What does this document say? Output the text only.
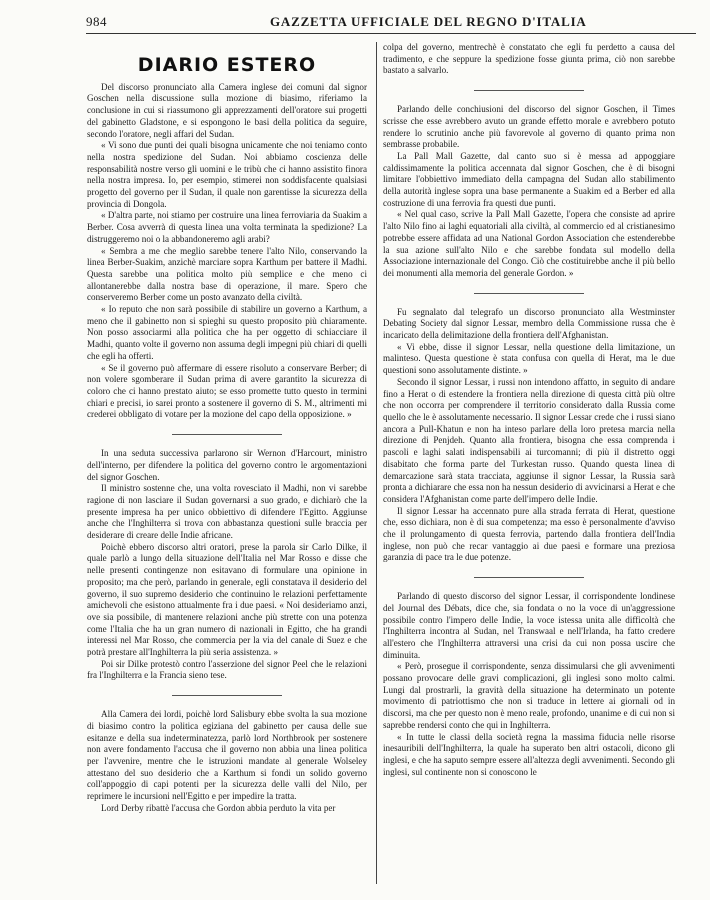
984	GAZZETTA UFFICIALE DEL REGNO D'ITALIA
DIARIO ESTERO

Del discorso pronunciato alla Camera inglese dei comuni dal signor Goschen nella discussione sulla mozione di biasimo, riferiamo la conclusione in cui si riassumono gli apprezzamenti dell'oratore sui progetti del gabinetto Gladstone, e si espongono le basi della politica da seguire, secondo l'oratore, negli affari del Sudan.

« Vi sono due punti dei quali bisogna unicamente che noi teniamo conto nella nostra spedizione del Sudan. Noi abbiamo coscienza delle responsabilità nostre verso gli uomini e le tribù che ci hanno assistito finora nella nostra impresa. Io, per esempio, stimerei non soddisfacente qualsiasi progetto del governo per il Sudan, il quale non garentisse la sicurezza della provincia di Dongola.

« D'altra parte, noi stiamo per costruire una linea ferroviaria da Suakim a Berber. Cosa avverrà di questa linea una volta terminata la spedizione? La distruggeremo noi o la abbandoneremo agli arabi?

« Sembra a me che meglio sarebbe tenere l'alto Nilo, conservando la linea Berber-Suakim, anzichè marciare sopra Karthum per battere il Madhi. Questa sarebbe una politica molto più semplice e che meno ci allontanerebbe dalla nostra base di operazione, il mare. Spero che conserveremo Berber come un posto avanzato della civiltà.

« Io reputo che non sarà possibile di stabilire un governo a Karthum, a meno che il gabinetto non si spieghi su questo proposito più chiaramente. Non posso associarmi alla politica che ha per oggetto di schiacciare il Madhi, quanto volte il governo non assuma degli impegni più chiari di quelli che egli ha offerti.

« Se il governo può affermare di essere risoluto a conservare Berber; di non volere sgomberare il Sudan prima di avere garantito la sicurezza di coloro che ci hanno prestato aiuto; se esso promette tutto questo in termini chiari e precisi, io sarei pronto a sostenere il governo di S. M., altrimenti mi crederei obbligato di votare per la mozione del capo della opposizione. »

In una seduta successiva parlarono sir Wernon d'Harcourt, ministro dell'interno, per difendere la politica del governo contro le argomentazioni del signor Goschen.

Il ministro sostenne che, una volta rovesciato il Madhi, non vi sarebbe ragione di non lasciare il Sudan governarsi a suo grado, e dichiarò che la presente impresa ha per unico obbiettivo di difendere l'Egitto. Aggiunse anche che l'Inghilterra si trova con abbastanza questioni sulle braccia per desiderare di creare delle Indie africane.

Poichè ebbero discorso altri oratori, prese la parola sir Carlo Dilke, il quale parlò a lungo della situazione dell'Italia nel Mar Rosso e disse che nelle presenti contingenze non esitavano di formulare una opinione in proposito; ma che però, parlando in generale, egli constatava il desiderio del governo, il suo supremo desiderio che continuino le relazioni perfettamente amichevoli che esistono attualmente fra i due paesi. « Noi desideriamo anzi, ove sia possibile, di mantenere relazioni anche più strette con una potenza come l'Italia che ha un gran numero di nazionali in Egitto, che ha grandi interessi nel Mar Rosso, che commercia per la via del canale di Suez e che potrà prestare all'Inghilterra la più seria assistenza. »

Poi sir Dilke protestò contro l'asserzione del signor Peel che le relazioni fra l'Inghilterra e la Francia sieno tese.

Alla Camera dei lordi, poichè lord Salisbury ebbe svolta la sua mozione di biasimo contro la politica egiziana del gabinetto per causa delle sue esitanze e della sua indeterminatezza, parlò lord Northbrook per sostenere non avere fondamento l'accusa che il governo non abbia una linea politica per l'avvenire, mentre che le istruzioni mandate al generale Wolseley attestano del suo desiderio che a Karthum si fondi un solido governo coll'appoggio di capi potenti per la sicurezza delle valli del Nilo, per reprimere le incursioni nell'Egitto e per impedire la tratta.

Lord Derby ribattè l'accusa che Gordon abbia perduto la vita per

colpa del governo, mentrechè è constatato che egli fu perdetto a causa del tradimento, e che seppure la spedizione fosse giunta prima, ciò non sarebbe bastato a salvarlo.

Parlando delle conchiusioni del discorso del signor Goschen, il Times scrisse che esse avrebbero avuto un grande effetto morale e avrebbero potuto rendere lo scrutinio anche più favorevole al governo di quanto prima non sembrasse probabile.

La Pall Mall Gazette, dal canto suo si è messa ad appoggiare caldissimamente la politica accennata dal signor Goschen, che è di bisogni limitare l'obbiettivo immediato della campagna del Sudan allo stabilimento della autorità inglese sopra una base permanente a Suakim ed a Berber ed alla costruzione di una ferrovia fra questi due punti.

« Nel qual caso, scrive la Pall Mall Gazette, l'opera che consiste ad aprire l'alto Nilo fino ai laghi equatoriali alla civiltà, al commercio ed al cristianesimo potrebbe essere affidata ad una National Gordon Association che estenderebbe la sua azione sull'alto Nilo e che sarebbe fondata sul modello della Associazione internazionale del Congo. Ciò che costituirebbe anche il più bello dei monumenti alla memoria del generale Gordon. »

Fu segnalato dal telegrafo un discorso pronunciato alla Westminster Debating Society dal signor Lessar, membro della Commissione russa che è incaricato della delimitazione della frontiera dell'Afghanistan.

« Vi ebbe, disse il signor Lessar, nella questione della limitazione, un malinteso. Questa questione è stata confusa con quella di Herat, ma le due questioni sono assolutamente distinte. »

Secondo il signor Lessar, i russi non intendono affatto, in seguito di andare fino a Herat o di estendere la frontiera nella direzione di questa città più oltre che non occorra per comprendere il territorio considerato dalla Russia come quello che le è assolutamente necessario. Il signor Lessar crede che i russi siano ancora a Pull-Khatun e non ha inteso parlare della loro pretesa marcia nella direzione di Penjdeh. Quanto alla frontiera, bisogna che essa comprenda i pascoli e laghi salati indispensabili ai turcomanni; di più il distretto oggi disabitato che forma parte del Turkestan russo. Quando questa linea di demarcazione sarà stata tracciata, aggiunse il signor Lessar, la Russia sarà pronta a dichiarare che essa non ha nessun desiderio di avvicinarsi a Herat e che considera l'Afghanistan come parte dell'impero delle Indie.

Il signor Lessar ha accennato pure alla strada ferrata di Herat, questione che, esso dichiara, non è di sua competenza; ma esso è personalmente d'avviso che il prolungamento di questa ferrovia, partendo dalla frontiera dell'India inglese, non può che recar vantaggio ai due paesi e formare una preziosa garanzia di pace tra le due potenze.

Parlando di questo discorso del signor Lessar, il corrispondente londinese del Journal des Débats, dice che, sia fondata o no la voce di un'aggressione possibile contro l'impero delle Indie, la voce istessa unita alle difficoltà che l'Inghilterra incontra al Sudan, nel Transwaal e nell'Irlanda, ha fatto credere all'estero che l'Inghilterra attraversi una crisi da cui non possa uscire che diminuita.

« Però, prosegue il corrispondente, senza dissimularsi che gli avvenimenti possano provocare delle gravi complicazioni, gli inglesi sono molto calmi. Lungi dal prostrarli, la gravità della situazione ha determinato un potente movimento di patriottismo che non si traduce in lettere ai giornali od in discorsi, ma che per questo non è meno reale, profondo, unanime e di cui non si saprebbe rendersi conto che qui in Inghilterra.

« In tutte le classi della società regna la massima fiducia nelle risorse inesauribili dell'Inghilterra, la quale ha superato ben altri ostacoli, dicono gli inglesi, e che ha saputo sempre essere all'altezza degli avvenimenti. Secondo gli inglesi, sul continente non si conoscono le
